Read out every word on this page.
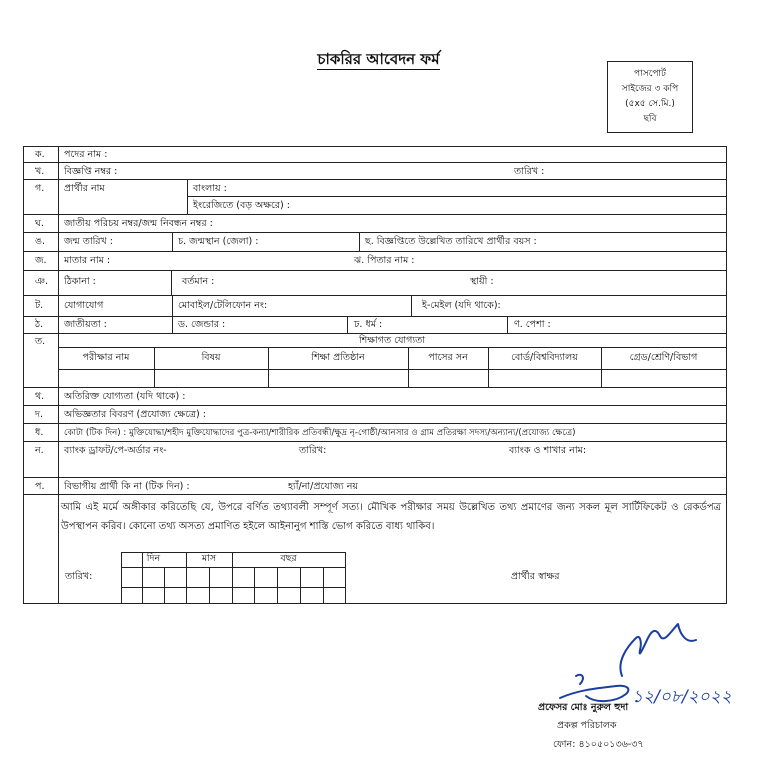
চাকরির আবেদন ফর্ম
পাসপোর্ট
সাইজের ৩ কপি
(৫x৫ সে.মি.)
ছবি
ক. পদের নাম :
খ. বিজ্ঞপ্তি নম্বর :	তারিখ :
গ. প্রার্থীর নাম	বাংলায় :
ইংরেজিতে (বড় অক্ষরে) :
ঘ. জাতীয় পরিচয় নম্বর/জন্ম নিবন্ধন নম্বর :
ঙ. জন্ম তারিখ :	চ. জন্মস্থান (জেলা) :	ছ. বিজ্ঞপ্তিতে উল্লেখিত তারিখে প্রার্থীর বয়স :
জ. মাতার নাম :	ঝ. পিতার নাম :
ঞ. ঠিকানা :	বর্তমান :	স্থায়ী :
ট. যোগাযোগ	মোবাইল/টেলিফোন নং:	ই-মেইল (যদি থাকে):
ঠ. জাতীয়তা :	ড. জেন্ডার :	ঢ. ধর্ম :	ণ. পেশা :
ত.	শিক্ষাগত যোগ্যতা
পরীক্ষার নাম	বিষয়	শিক্ষা প্রতিষ্ঠান	পাসের সন	বোর্ড/বিশ্ববিদ্যালয়	গ্রেড/শ্রেণি/বিভাগ
থ. অতিরিক্ত যোগ্যতা (যদি থাকে) :
দ. অভিজ্ঞতার বিবরণ (প্রযোজ্য ক্ষেত্রে) :
ধ. কোটা (টিক দিন) : মুক্তিযোদ্ধা/শহীদ মুক্তিযোদ্ধাদের পুত্র-কন্যা/শারীরিক প্রতিবন্ধী/ক্ষুদ্র নৃ-গোষ্ঠী/আনসার ও গ্রাম প্রতিরক্ষা সদস্য/অন্যান্য/(প্রযোজ্য ক্ষেত্রে)
ন. ব্যাংক ড্রাফট/পে-অর্ডার নং-	তারিখ:	ব্যাংক ও শাখার নাম:
প. বিভাগীয় প্রার্থী কি না (টিক দিন) :	হ্যাঁ/না/প্রযোজ্য নয়
আমি এই মর্মে অঙ্গীকার করিতেছি যে, উপরে বর্ণিত তথ্যাবলী সম্পূর্ণ সত্য। মৌখিক পরীক্ষার সময় উল্লেখিত তথ্য প্রমাণের জন্য সকল মূল সার্টিফিকেট ও রেকর্ডপত্র উপস্থাপন করিব। কোনো তথ্য অসত্য প্রমাণিত হইলে আইনানুগ শাস্তি ভোগ করিতে বাধ্য থাকিব।
তারিখ:
দিন	মাস	বছর
প্রার্থীর স্বাক্ষর
১২/০৮/২০২২
প্রফেসর মোঃ নুরুল হুদা
প্রকল্প পরিচালক
ফোন: ৪১০৫০১৩৬-৩৭
